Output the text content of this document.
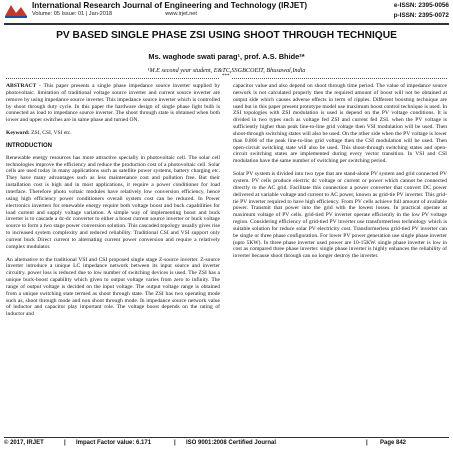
International Research Journal of Engineering and Technology (IRJET)
Volume: 05 Issue: 01 | Jan-2018	www.irjet.net
e-ISSN: 2395-0056
p-ISSN: 2395-0072
PV BASED SINGLE PHASE ZSI USING SHOOT THROUGH TECHNIQUE
Ms. waghode swati parag¹, prof. A.S. Bhide²*
¹M.E second year student, E&TC,SSGBCOEIT, Bhusawal,India
***

ABSTRACT - This paper presents a single phase impedance source inverter supplied by photovoltaic. limitation of traditional voltage source inverter and current source inverter are remove by using impedance source inverter. This impedance source inverter which is controlled by shoot through duty cycle. In this paper the hardware design of single phase light bulb is connected as load to impedance source inverter. The shoot through state is obtained when both lower and upper switches are in same phase and turned ON.

Keyword: ZSI, CSI, VSI etc.

INTRODUCTION

Renewable energy resources has more attractive specially in photovoltaic cell. The solar cell technologies improve the efficiency and reduce the production cost of a photovoltaic cell. Solar cells are used today in many applications such as satellite power systems, battery charging etc. They have many advantages such as less maintenance cost and pollution free. But their installation cost is high and in most applications, it require a power conditioner for load interface. Therefore photo voltaic modules have relatively low conversion efficiency, hence using high efficiency power conditioners overall system cost can be reduced. In Power electronics inverters for renewable energy require both voltage boost and buck capabilities for load current and supply voltage variation. A simple way of implementing boost and buck inverter is to cascade a dc-dc converter to either a boost current source inverter or buck voltage source to form a two stage power conversion solution. This cascaded topology usually gives rise to increased system complexity and reduced reliability. Traditional CSI and VSI support only current buck Direct current to alternating current power conversion and require a relatively complex modulator.

An alternative to the traditional VSI and CSI proposed single stage Z-source inverter. Z-source inverter introduce a unique LC impedance network between its input source and inverter circuitry. power loss is reduced due to low number of switching devices is used. The ZSI has a unique buck-boost capability which given to output voltage varies from zero to infinity. The range of output voltage is decided on the input voltage. The output voltage range is obtained from a unique switching state termed as shoot through state. The ZSI has two operating mode such as, shoot through mode and non shoot through mode. In impedance source network value of inductor and capacitor play important role. The voltage boost depends on the rating of inductor and

capacitor value and also depend on shoot through time period. The value of impedance source network is not calculated properly then the required amount of boost will not be obtained at output side which causes adverse effects in term of ripples. Different boosting technique are used but in this paper present prototype model use maximum boost control technique is used. In ZSI topologies with ZSI modulation is used is depend on the PV voltage conditions. It is divided in two types such as voltage fed ZSI and current fed ZSI. when the PV voltage is sufficiently higher than peak line-to-line grid voltage then VSI modulation will be used. Then shoot-through switching states will also be used. On the other side when the PV voltage is lower than 0.866 of the peak line-to-line grid voltage then the CSI modulation will be used. Then open-circuit switching state will also be used. This shoot-through switching states and open-circuit switching states are implemented during every vector transition. In VSI and CSI modulation have the same number of switching per switching period.

Solar PV system is divided into two type that are stand-alone PV system and grid connected PV system. PV cells produce electric dc voltage or current or power which cannot be connected directly to the AC grid. Facilitate this connection a power converter that convert DC power delivered at variable voltage and current to AC power, known as grid-tie PV inverter. This grid-tie PV inverter required to have high efficiency. From PV cells achieve full amount of available power. Transmit that power into the grid with the lowest losses. In practical operate at maximum voltage of PV cells. grid-tied PV inverter operate efficiently in the low PV voltage region. Considering efficiency of grid-tied PV inverter use transformerless technology which is suitable solution for reduce solar PV electricity cost. Transformerless grid-tied PV inverter can be single or three phase configuration. For lower PV power generation use single phase inverter (upto 5KW). In three phase inverter used power are 10-15KW. single phase inverter is low in cost as compared three phase inverter. single phase inverter is highly enhances the reliability of inverter because shoot through can no longer destroy the inverter.

© 2017, IRJET	| Impact Factor value: 6.171	| ISO 9001:2008 Certified Journal	| Page 842
